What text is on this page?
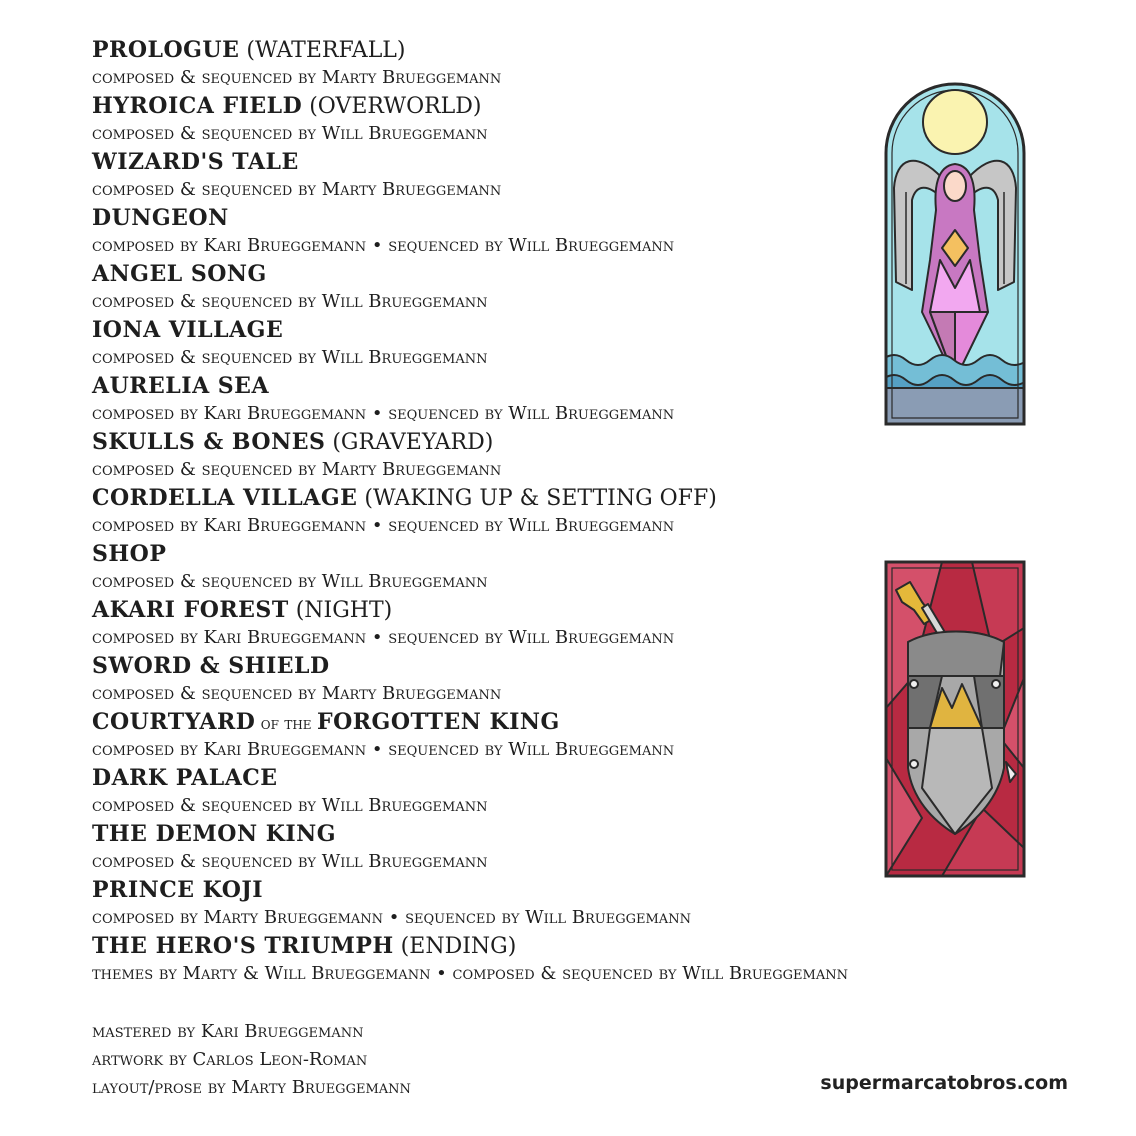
PROLOGUE (WATERFALL)
composed & sequenced by Marty Brueggemann
HYROICA FIELD (OVERWORLD)
composed & sequenced by Will Brueggemann
WIZARD'S TALE
composed & sequenced by Marty Brueggemann
DUNGEON
composed by Kari Brueggemann • sequenced by Will Brueggemann
ANGEL SONG
composed & sequenced by Will Brueggemann
IONA VILLAGE
composed & sequenced by Will Brueggemann
AURELIA SEA
composed by Kari Brueggemann • sequenced by Will Brueggemann
SKULLS & BONES (GRAVEYARD)
composed & sequenced by Marty Brueggemann
CORDELLA VILLAGE (WAKING UP & SETTING OFF)
composed by Kari Brueggemann • sequenced by Will Brueggemann
SHOP
composed & sequenced by Will Brueggemann
AKARI FOREST (NIGHT)
composed by Kari Brueggemann • sequenced by Will Brueggemann
SWORD & SHIELD
composed & sequenced by Marty Brueggemann
COURTYARD of the FORGOTTEN KING
composed by Kari Brueggemann • sequenced by Will Brueggemann
DARK PALACE
composed & sequenced by Will Brueggemann
THE DEMON KING
composed & sequenced by Will Brueggemann
PRINCE KOJI
composed by Marty Brueggemann • sequenced by Will Brueggemann
THE HERO'S TRIUMPH (ENDING)
themes by Marty & Will Brueggemann • composed & sequenced by Will Brueggemann
mastered by Kari Brueggemann
artwork by Carlos Leon-Roman
layout/prose by Marty Brueggemann	supermarcatobros.com
